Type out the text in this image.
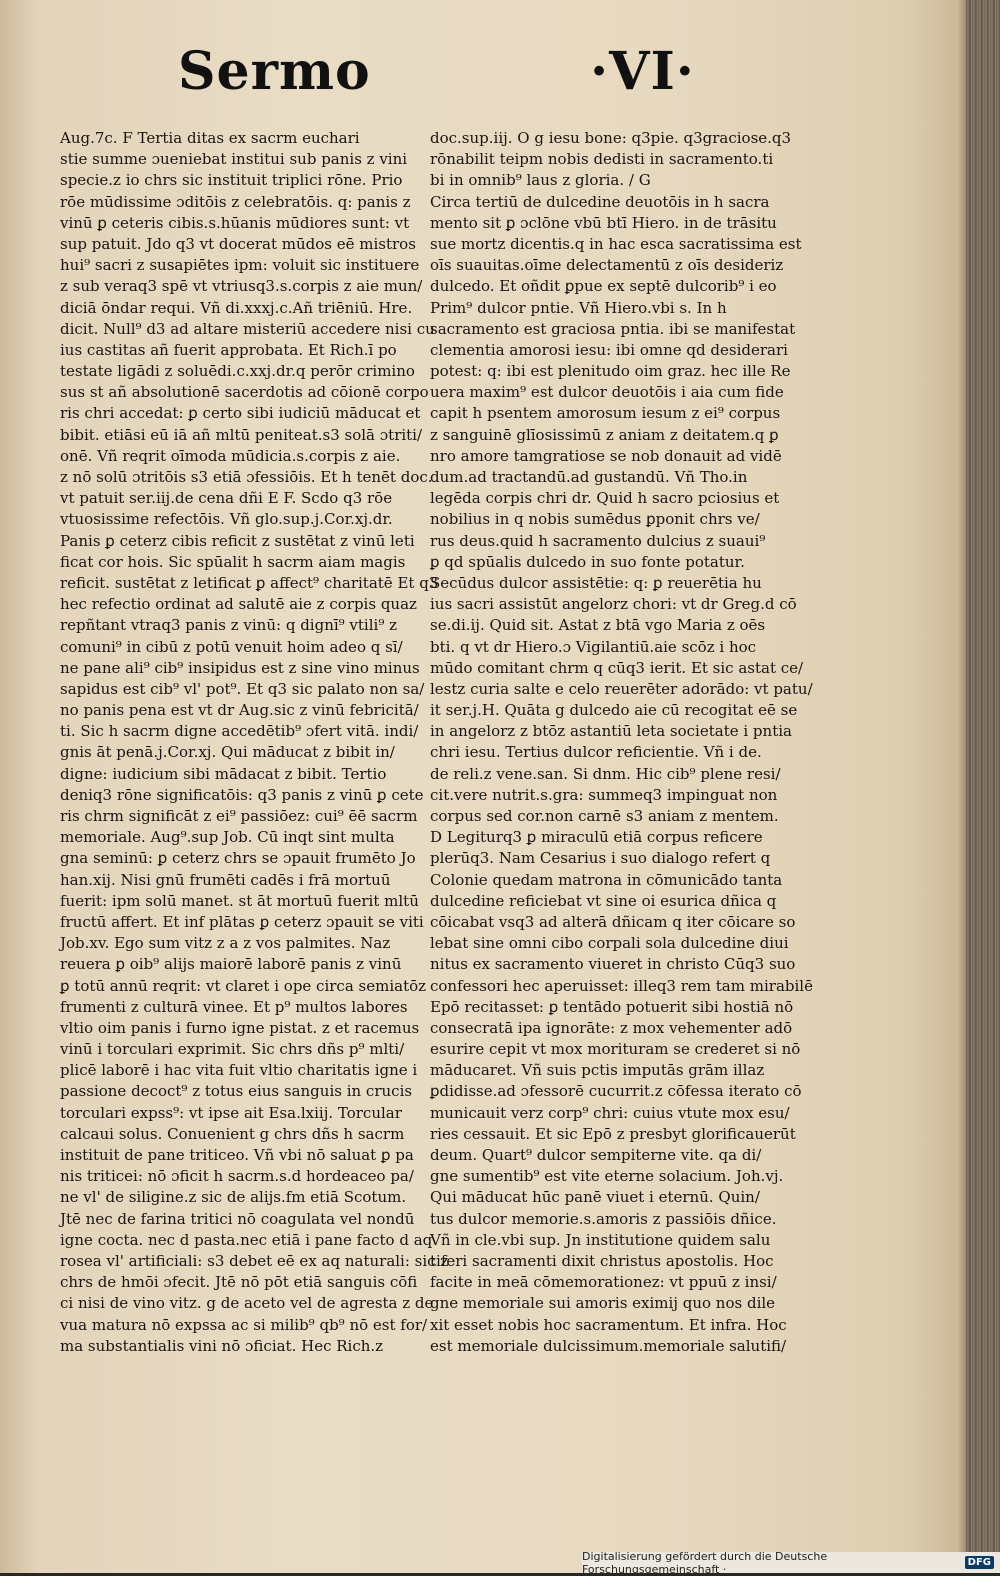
Sermo	·VI·
Aug.7c. F Tertia ditas ex sacrm euchari
stie summe ɔueniebat institui sub panis z vini
specie.z io chrs sic instituit triplici rōne. Prio
rōe mūdissime ɔditōis z celebratōis. q: panis z
vinū ꝑ ceteris cibis.s.hūanis mūdiores sunt: vt
sup patuit. Jdo q3 vt docerat mūdos eē mistros
hui⁹ sacri z susapiētes ipm: voluit sic instituere
z sub veraq3 spē vt vtriusq3.s.corpis z aie mun/
diciā ōndar requi. Vñ di.xxxj.c.Añ triēniū. Hre.
dicit. Null⁹ d3 ad altare misteriū accedere nisi cu
ius castitas añ fuerit approbata. Et Rich.ī po
testate ligādi z soluēdi.c.xxj.dr.q perōr crimino
sus st añ absolutionē sacerdotis ad cōionē corpo
ris chri accedat: ꝑ certo sibi iudiciū māducat et
bibit. etiāsi eū iā añ mltū peniteat.s3 solā ɔtriti/
onē. Vñ reqrit oīmoda mūdicia.s.corpis z aie.
z nō solū ɔtritōis s3 etiā ɔfessiōis. Et h tenēt doc.
vt patuit ser.iij.de cena dñi E F. Scdo q3 rōe
vtuosissime refectōis. Vñ glo.sup.j.Cor.xj.dr.
Panis ꝑ ceterz cibis reficit z sustētat z vinū leti
ficat cor hois. Sic spūalit h sacrm aiam magis
reficit. sustētat z letificat ꝑ affect⁹ charitatē Et q3
hec refectio ordinat ad salutē aie z corpis quaz
repñtant vtraq3 panis z vinū: q dignī⁹ vtili⁹ z
comuni⁹ in cibū z potū venuit hoim adeo q sī/
ne pane ali⁹ cib⁹ insipidus est z sine vino minus
sapidus est cib⁹ vl' pot⁹. Et q3 sic palato non sa/
no panis pena est vt dr Aug.sic z vinū febricitā/
ti. Sic h sacrm digne accedētib⁹ ɔfert vitā. indi/
gnis āt penā.j.Cor.xj. Qui māducat z bibit in/
digne: iudicium sibi mādacat z bibit. Tertio
deniq3 rōne significatōis: q3 panis z vinū ꝑ cete
ris chrm significāt z ei⁹ passiōez: cui⁹ ēē sacrm
memoriale. Aug⁹.sup Job. Cū inqt sint multa
gna seminū: ꝑ ceterz chrs se ɔpauit frumēto Jo
han.xij. Nisi gnū frumēti cadēs i frā mortuū
fuerit: ipm solū manet. st āt mortuū fuerit mltū
fructū affert. Et inf plātas ꝑ ceterz ɔpauit se viti
Job.xv. Ego sum vitz z a z vos palmites. Naz
reuera ꝑ oib⁹ alijs maiorē laborē panis z vinū
ꝑ totū annū reqrit: vt claret i ope circa semiatōz
frumenti z culturā vinee. Et p⁹ multos labores
vltio oim panis i furno igne pistat. z et racemus
vinū i torculari exprimit. Sic chrs dñs p⁹ mlti/
plicē laborē i hac vita fuit vltio charitatis igne i
passione decoct⁹ z totus eius sanguis in crucis
torculari expss⁹: vt ipse ait Esa.lxiij. Torcular
calcaui solus. Conuenient g chrs dñs h sacrm
instituit de pane triticeo. Vñ vbi nō saluat ꝑ pa
nis triticei: nō ɔficit h sacrm.s.d hordeaceo pa/
ne vl' de siligine.z sic de alijs.fm etiā Scotum.
Jtē nec de farina tritici nō coagulata vel nondū
igne cocta. nec d pasta.nec etiā i pane facto d aq
rosea vl' artificiali: s3 debet eē ex aq naturali: sic z
chrs de hmōi ɔfecit. Jtē nō pōt etiā sanguis cōfi
ci nisi de vino vitz. g de aceto vel de agresta z de
vua matura nō expssa ac si milib⁹ qb⁹ nō est for/
ma substantialis vini nō ɔficiat. Hec Rich.z
doc.sup.iij. O g iesu bone: q3pie. q3graciose.q3
rōnabilit teipm nobis dedisti in sacramento.ti
bi in omnib⁹ laus z gloria. / G
Circa tertiū de dulcedine deuotōis in h sacra
mento sit ꝑ ɔclōne vbū btī Hiero. in de trāsitu
sue mortz dicentis.q in hac esca sacratissima est
oīs suauitas.oīme delectamentū z oīs desideriz
dulcedo. Et oñdit ꝑpue ex septē dulcorib⁹ i eo
Prim⁹ dulcor pntie. Vñ Hiero.vbi s. In h
sacramento est graciosa pntia. ibi se manifestat
clementia amorosi iesu: ibi omne qd desiderari
potest: q: ibi est plenitudo oim graz. hec ille Re
uera maxim⁹ est dulcor deuotōis i aia cum fide
capit h psentem amorosum iesum z ei⁹ corpus
z sanguinē glīosissimū z aniam z deitatem.q ꝑ
nro amore tamgratiose se nob donauit ad vidē
dum.ad tractandū.ad gustandū. Vñ Tho.in
legēda corpis chri dr. Quid h sacro pciosius et
nobilius in q nobis sumēdus ꝑponit chrs ve/
rus deus.quid h sacramento dulcius z suaui⁹
ꝑ qd spūalis dulcedo in suo fonte potatur.
Secūdus dulcor assistētie: q: ꝑ reuerētia hu
ius sacri assistūt angelorz chori: vt dr Greg.d cō
se.di.ij. Quid sit. Astat z btā vgo Maria z oēs
bti. q vt dr Hiero.ɔ Vigilantiū.aie scōz i hoc
mūdo comitant chrm q cūq3 ierit. Et sic astat ce/
lestz curia salte e celo reuerēter adorādo: vt patu/
it ser.j.H. Quāta g dulcedo aie cū recogitat eē se
in angelorz z btōz astantiū leta societate i pntia
chri iesu. Tertius dulcor reficientie. Vñ i de.
de reli.z vene.san. Si dnm. Hic cib⁹ plene resi/
cit.vere nutrit.s.gra: summeq3 impinguat non
corpus sed cor.non carnē s3 aniam z mentem.
D Legiturq3 ꝑ miraculū etiā corpus reficere
plerūq3. Nam Cesarius i suo dialogo refert q
Colonie quedam matrona in cōmunicādo tanta
dulcedine reficiebat vt sine oi esurica dñica q
cōicabat vsq3 ad alterā dñicam q iter cōicare so
lebat sine omni cibo corpali sola dulcedine diui
nitus ex sacramento viueret in christo Cūq3 suo
confessori hec aperuisset: illeq3 rem tam mirabilē
Epō recitasset: ꝑ tentādo potuerit sibi hostiā nō
consecratā ipa ignorāte: z mox vehementer adō
esurire cepit vt mox morituram se crederet si nō
māducaret. Vñ suis pctis imputās grām illaz
ꝑdidisse.ad ɔfessorē cucurrit.z cōfessa iterato cō
municauit verz corp⁹ chri: cuius vtute mox esu/
ries cessauit. Et sic Epō z presbyt glorificauerūt
deum. Quart⁹ dulcor sempiterne vite. qa di/
gne sumentib⁹ est vite eterne solacium. Joh.vj.
Qui māducat hūc panē viuet i eternū. Quin/
tus dulcor memorie.s.amoris z passiōis dñice.
Vñ in cle.vbi sup. Jn institutione quidem salu
tiferi sacramenti dixit christus apostolis. Hoc
facite in meā cōmemorationez: vt ppuū z insi/
gne memoriale sui amoris eximij quo nos dile
xit esset nobis hoc sacramentum. Et infra. Hoc
est memoriale dulcissimum.memoriale salutifi/
Digitalisierung gefördert durch die Deutsche Forschungsgemeinschaft ·	DFG
